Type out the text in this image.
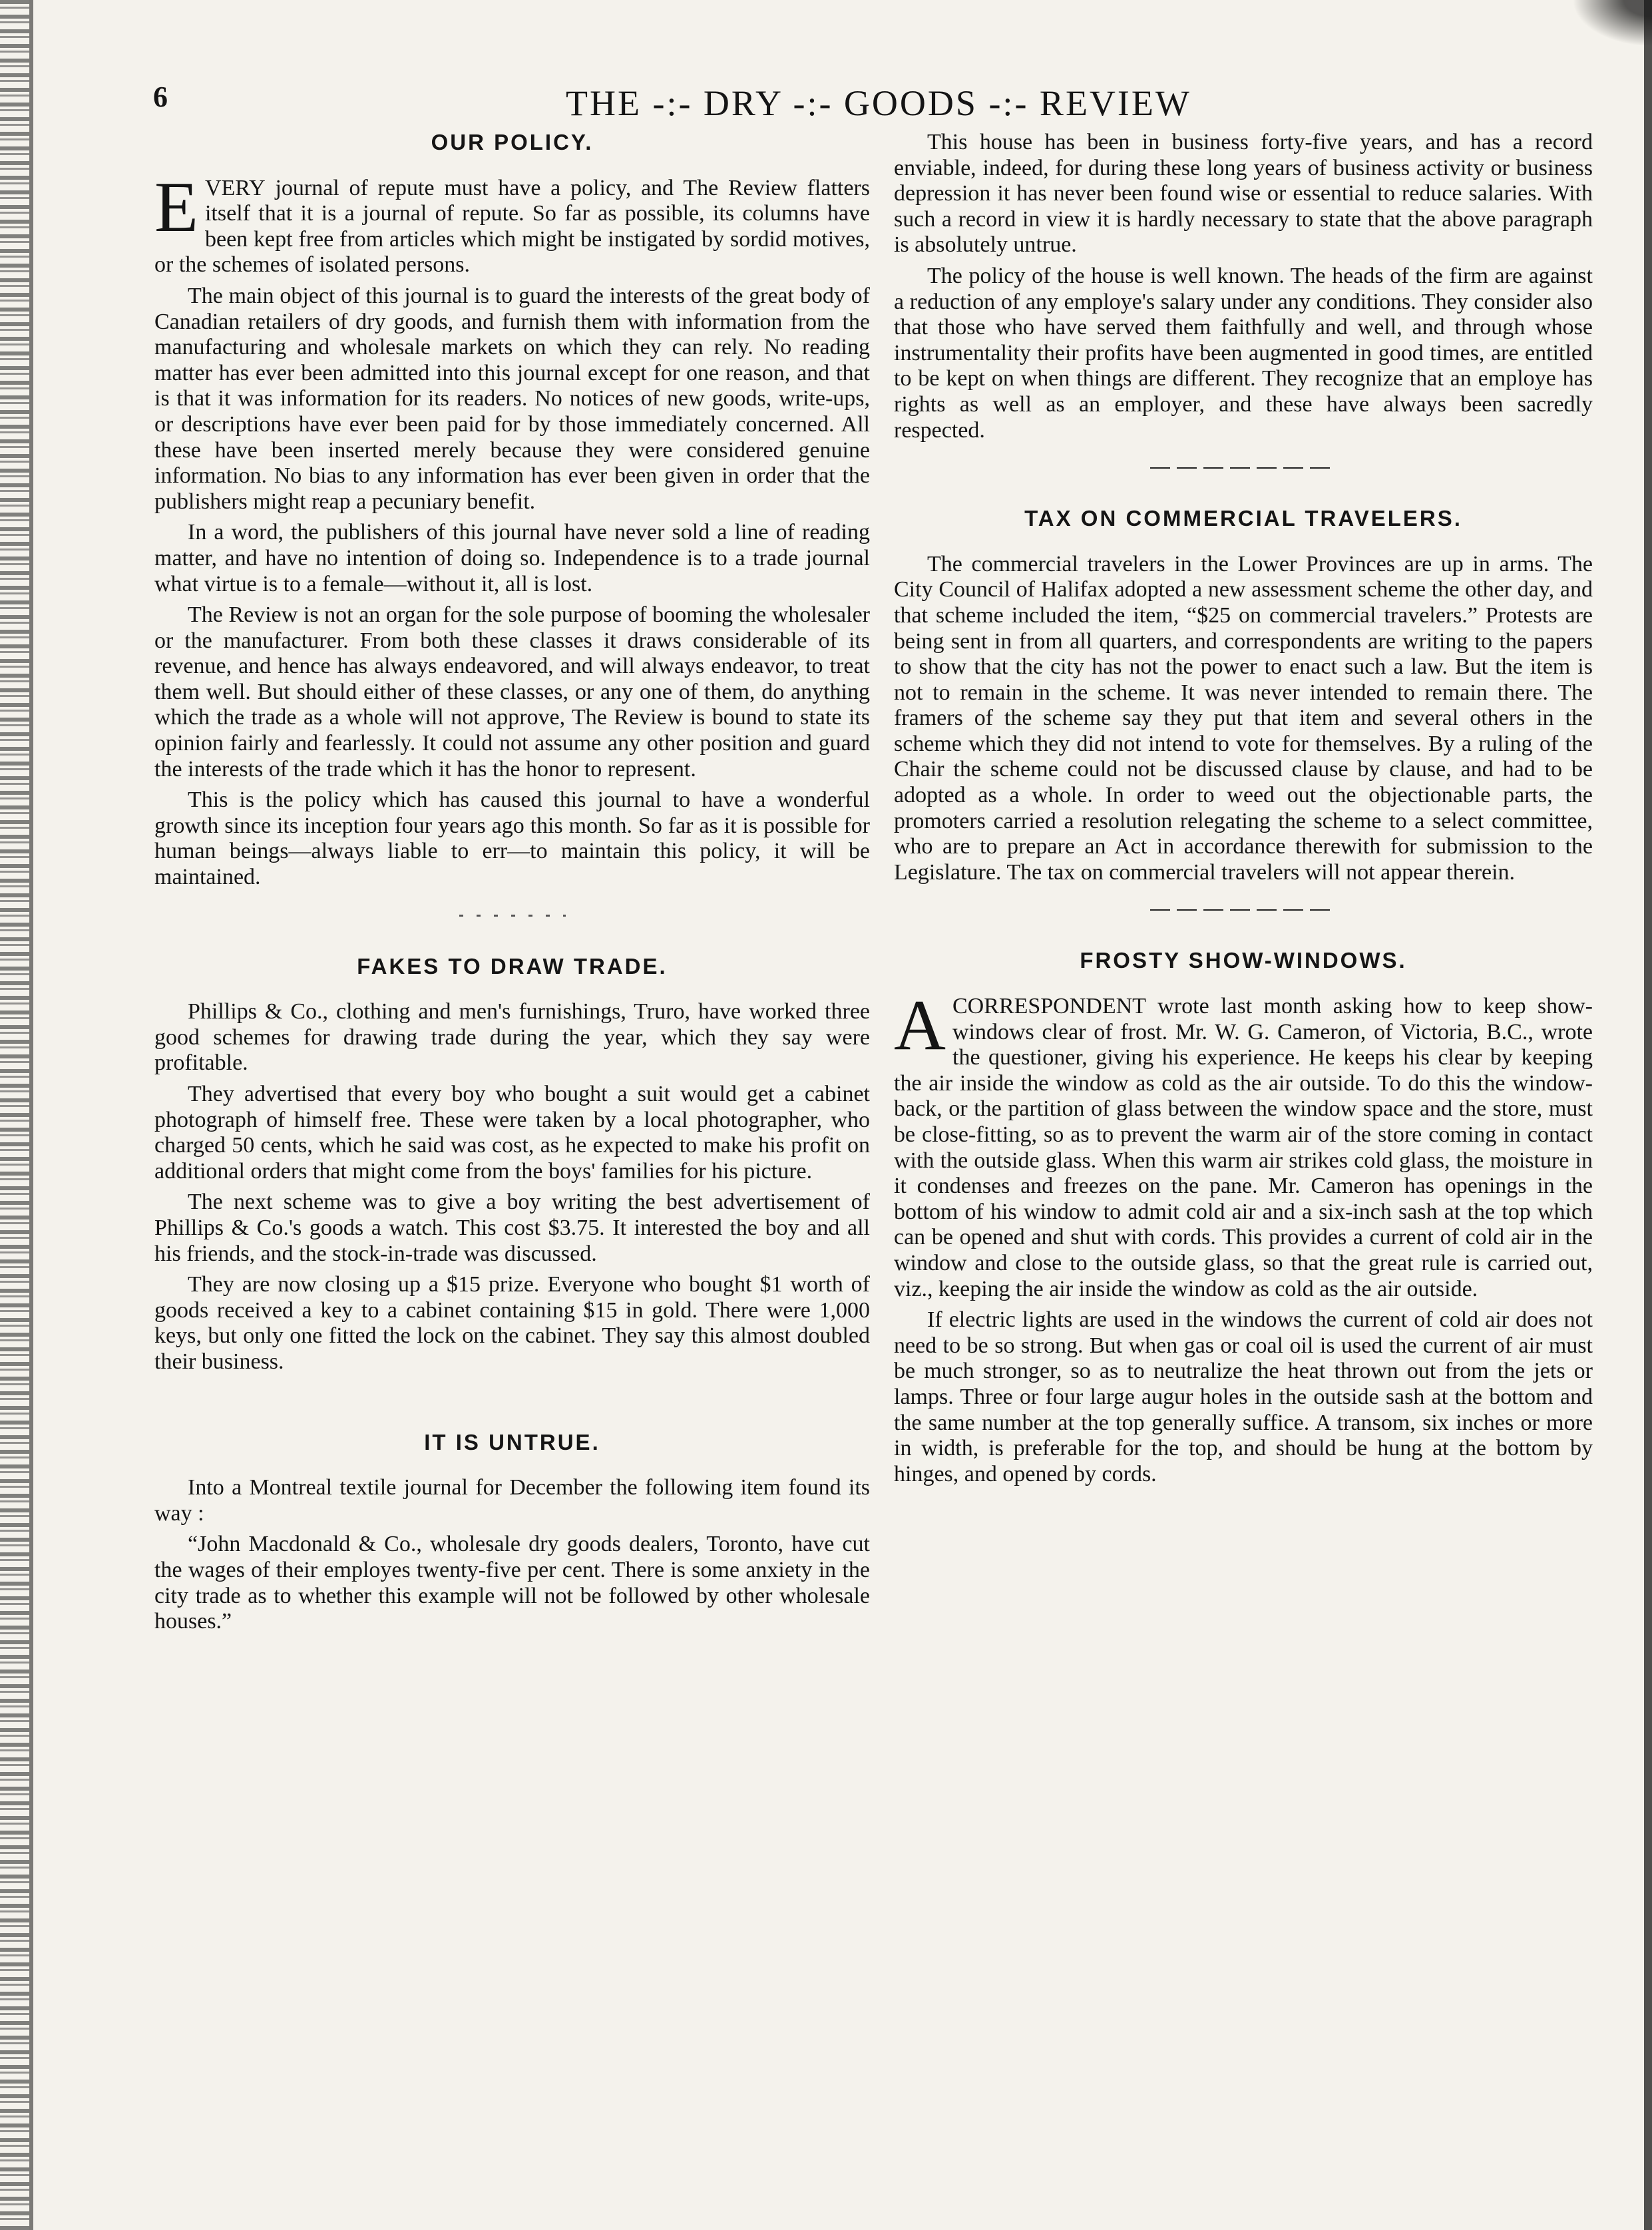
6	THE -:- DRY -:- GOODS -:- REVIEW
OUR POLICY.

EVERY journal of repute must have a policy, and The Review flatters itself that it is a journal of repute. So far as possible, its columns have been kept free from articles which might be instigated by sordid motives, or the schemes of isolated persons.

The main object of this journal is to guard the interests of the great body of Canadian retailers of dry goods, and furnish them with information from the manufacturing and wholesale markets on which they can rely. No reading matter has ever been admitted into this journal except for one reason, and that is that it was information for its readers. No notices of new goods, write-ups, or descriptions have ever been paid for by those immediately concerned. All these have been inserted merely because they were considered genuine information. No bias to any information has ever been given in order that the publishers might reap a pecuniary benefit.

In a word, the publishers of this journal have never sold a line of reading matter, and have no intention of doing so. Independence is to a trade journal what virtue is to a female—without it, all is lost.

The Review is not an organ for the sole purpose of booming the wholesaler or the manufacturer. From both these classes it draws considerable of its revenue, and hence has always endeavored, and will always endeavor, to treat them well. But should either of these classes, or any one of them, do anything which the trade as a whole will not approve, The Review is bound to state its opinion fairly and fearlessly. It could not assume any other position and guard the interests of the trade which it has the honor to represent.

This is the policy which has caused this journal to have a wonderful growth since its inception four years ago this month. So far as it is possible for human beings—always liable to err—to maintain this policy, it will be maintained.

FAKES TO DRAW TRADE.

Phillips & Co., clothing and men's furnishings, Truro, have worked three good schemes for drawing trade during the year, which they say were profitable.

They advertised that every boy who bought a suit would get a cabinet photograph of himself free. These were taken by a local photographer, who charged 50 cents, which he said was cost, as he expected to make his profit on additional orders that might come from the boys' families for his picture.

The next scheme was to give a boy writing the best advertisement of Phillips & Co.'s goods a watch. This cost $3.75. It interested the boy and all his friends, and the stock-in-trade was discussed.

They are now closing up a $15 prize. Everyone who bought $1 worth of goods received a key to a cabinet containing $15 in gold. There were 1,000 keys, but only one fitted the lock on the cabinet. They say this almost doubled their business.

IT IS UNTRUE.

Into a Montreal textile journal for December the following item found its way :

“John Macdonald & Co., wholesale dry goods dealers, Toronto, have cut the wages of their employes twenty-five per cent. There is some anxiety in the city trade as to whether this example will not be followed by other wholesale houses.”

This house has been in business forty-five years, and has a record enviable, indeed, for during these long years of business activity or business depression it has never been found wise or essential to reduce salaries. With such a record in view it is hardly necessary to state that the above paragraph is absolutely untrue.

The policy of the house is well known. The heads of the firm are against a reduction of any employe's salary under any conditions. They consider also that those who have served them faithfully and well, and through whose instrumentality their profits have been augmented in good times, are entitled to be kept on when things are different. They recognize that an employe has rights as well as an employer, and these have always been sacredly respected.

TAX ON COMMERCIAL TRAVELERS.

The commercial travelers in the Lower Provinces are up in arms. The City Council of Halifax adopted a new assessment scheme the other day, and that scheme included the item, “$25 on commercial travelers.” Protests are being sent in from all quarters, and correspondents are writing to the papers to show that the city has not the power to enact such a law. But the item is not to remain in the scheme. It was never intended to remain there. The framers of the scheme say they put that item and several others in the scheme which they did not intend to vote for themselves. By a ruling of the Chair the scheme could not be discussed clause by clause, and had to be adopted as a whole. In order to weed out the objectionable parts, the promoters carried a resolution relegating the scheme to a select committee, who are to prepare an Act in accordance therewith for submission to the Legislature. The tax on commercial travelers will not appear therein.

FROSTY SHOW-WINDOWS.

ACORRESPONDENT wrote last month asking how to keep show-windows clear of frost. Mr. W. G. Cameron, of Victoria, B.C., wrote the questioner, giving his experience. He keeps his clear by keeping the air inside the window as cold as the air outside. To do this the window-back, or the partition of glass between the window space and the store, must be close-fitting, so as to prevent the warm air of the store coming in contact with the outside glass. When this warm air strikes cold glass, the moisture in it condenses and freezes on the pane. Mr. Cameron has openings in the bottom of his window to admit cold air and a six-inch sash at the top which can be opened and shut with cords. This provides a current of cold air in the window and close to the outside glass, so that the great rule is carried out, viz., keeping the air inside the window as cold as the air outside.

If electric lights are used in the windows the current of cold air does not need to be so strong. But when gas or coal oil is used the current of air must be much stronger, so as to neutralize the heat thrown out from the jets or lamps. Three or four large augur holes in the outside sash at the bottom and the same number at the top generally suffice. A transom, six inches or more in width, is preferable for the top, and should be hung at the bottom by hinges, and opened by cords.
